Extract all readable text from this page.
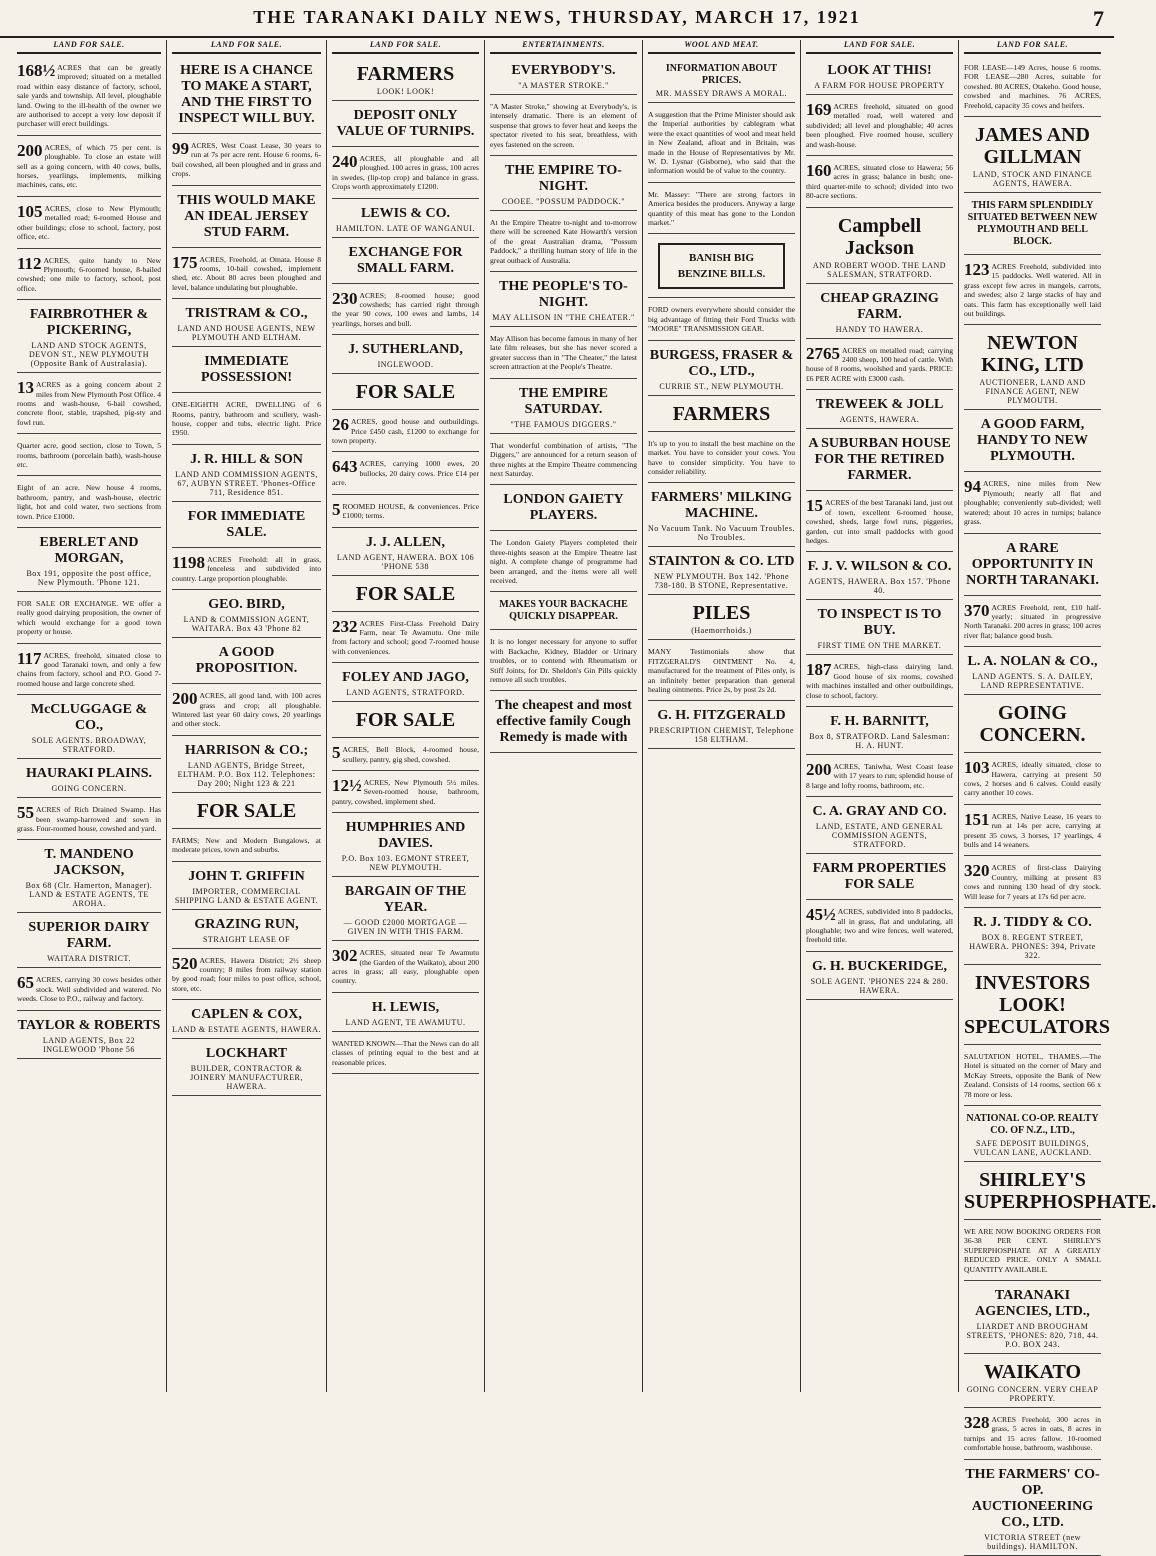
THE TARANAKI DAILY NEWS, THURSDAY, MARCH 17, 1921	7
LAND FOR SALE.
168½ ACRES that can be greatly improved; situated on a metalled road within easy distance of factory, school, sale yards and township. All level, ploughable land. Owing to the ill-health of the owner we are authorised to accept a very low deposit if purchaser will erect buildings.
200 ACRES, of which 75 per cent. is ploughable. To close an estate will sell as a going concern, with 40 cows, bulls, horses, yearlings, implements, milking machines, cans, etc.
105 ACRES, close to New Plymouth; metalled road; 6-roomed House and other buildings; close to school, factory, post office, etc.
112 ACRES, quite handy to New Plymouth; 6-roomed house, 8-bailed cowshed; one mile to factory, school, post office.
FAIRBROTHER & PICKERING,
LAND AND STOCK AGENTS, DEVON ST., NEW PLYMOUTH (Opposite Bank of Australasia).
13 ACRES as a going concern about 2 miles from New Plymouth Post Office. 4 rooms and wash-house, 6-bail cowshed, concrete floor, stable, trapshed, pig-sty and fowl run.
Quarter acre, good section, close to Town, 5 rooms, bathroom (porcelain bath), wash-house etc.
Eight of an acre. New house 4 rooms, bathroom, pantry, and wash-house, electric light, hot and cold water, two sections from town. Price £1000.
EBERLET AND MORGAN,
Box 191, opposite the post office, New Plymouth. 'Phone 121.
FOR SALE OR EXCHANGE. WE offer a really good dairying proposition, the owner of which would exchange for a good town property or house.
117 ACRES, freehold, situated close to good Taranaki town, and only a few chains from factory, school and P.O. Good 7-roomed house and large concrete shed.
McCLUGGAGE & CO.,
SOLE AGENTS. BROADWAY, STRATFORD.
HAURAKI PLAINS.
GOING CONCERN.
55 ACRES of Rich Drained Swamp. Has been swamp-harrowed and sown in grass. Four-roomed house, cowshed and yard.
T. MANDENO JACKSON,
Box 68 (Clr. Hamerton, Manager). LAND & ESTATE AGENTS, TE AROHA.
SUPERIOR DAIRY FARM.
WAITARA DISTRICT.
65 ACRES, carrying 30 cows besides other stock. Well subdivided and watered. No weeds. Close to P.O., railway and factory.
TAYLOR & ROBERTS
LAND AGENTS, Box 22 INGLEWOOD 'Phone 56
LAND FOR SALE.
HERE IS A CHANCE TO MAKE A START, AND THE FIRST TO INSPECT WILL BUY.
99 ACRES, West Coast Lease, 30 years to run at 7s per acre rent. House 6 rooms, 6-bail cowshed, all been ploughed and in grass and crops.
THIS WOULD MAKE AN IDEAL JERSEY STUD FARM.
175 ACRES, Freehold, at Omata. House 8 rooms, 10-bail cowshed, implement shed, etc. About 80 acres been ploughed and level, balance undulating but ploughable.
TRISTRAM & CO.,
LAND AND HOUSE AGENTS, NEW PLYMOUTH AND ELTHAM.
IMMEDIATE POSSESSION!
ONE-EIGHTH ACRE, DWELLING of 6 Rooms, pantry, bathroom and scullery, wash-house, copper and tubs, electric light. Price £950.
J. R. HILL & SON
LAND AND COMMISSION AGENTS, 67, AUBYN STREET. 'Phones-Office 711, Residence 851.
FOR IMMEDIATE SALE.
1198 ACRES Freehold: all in grass, fenceless and subdivided into country. Large proportion ploughable.
GEO. BIRD,
LAND & COMMISSION AGENT, WAITARA. Box 43 'Phone 82
A GOOD PROPOSITION.
200 ACRES, all good land, with 100 acres grass and crop; all ploughable. Wintered last year 60 dairy cows, 20 yearlings and other stock.
HARRISON & CO.;
LAND AGENTS, Bridge Street, ELTHAM. P.O. Box 112. Telephones: Day 200; Night 123 & 221
FOR SALE
FARMS; New and Modern Bungalows, at moderate prices, town and suburbs.
JOHN T. GRIFFIN
IMPORTER, COMMERCIAL SHIPPING LAND & ESTATE AGENT.
GRAZING RUN,
STRAIGHT LEASE OF
520 ACRES, Hawera District; 2½ sheep country; 8 miles from railway station by good road; four miles to post office, school, store, etc.
CAPLEN & COX,
LAND & ESTATE AGENTS, HAWERA.
LOCKHART
BUILDER, CONTRACTOR & JOINERY MANUFACTURER, HAWERA.
LAND FOR SALE.
FARMERS
LOOK! LOOK!
DEPOSIT ONLY VALUE OF TURNIPS.
240 ACRES, all ploughable and all ploughed. 100 acres in grass, 100 acres in swedes, (lip-top crop) and balance in grass. Crops worth approximately £1200.
LEWIS & CO.
HAMILTON. LATE OF WANGANUI.
EXCHANGE FOR SMALL FARM.
230 ACRES; 8-roomed house; good cowsheds; has carried right through the year 90 cows, 100 ewes and lambs, 14 yearlings, horses and bull.
J. SUTHERLAND,
INGLEWOOD.
FOR SALE
26 ACRES, good house and outbuildings. Price £450 cash, £1200 to exchange for town property.
643 ACRES, carrying 1000 ewes, 20 bullocks, 20 dairy cows. Price £14 per acre.
5 ROOMED HOUSE, & conveniences. Price £1000; terms.
J. J. ALLEN,
LAND AGENT, HAWERA. BOX 106 'PHONE 538
FOR SALE
232 ACRES First-Class Freehold Dairy Farm, near Te Awamutu. One mile from factory and school; good 7-roomed house with conveniences.
FOLEY AND JAGO,
LAND AGENTS, STRATFORD.
FOR SALE
5 ACRES, Bell Block, 4-roomed house, scullery, pantry, gig shed, cowshed.
12½ ACRES, New Plymouth 5½ miles. Seven-roomed house, bathroom, pantry, cowshed, implement shed.
HUMPHRIES AND DAVIES.
P.O. Box 103. EGMONT STREET, NEW PLYMOUTH.
BARGAIN OF THE YEAR.
— GOOD £2000 MORTGAGE — GIVEN IN WITH THIS FARM.
302 ACRES, situated near Te Awamutu (the Garden of the Waikato), about 200 acres in grass; all easy, ploughable open country.
H. LEWIS,
LAND AGENT, TE AWAMUTU.
WANTED KNOWN—That the News can do all classes of printing equal to the best and at reasonable prices.
ENTERTAINMENTS.
EVERYBODY'S.
"A MASTER STROKE."
"A Master Stroke," showing at Everybody's, is intensely dramatic. There is an element of suspense that grows to fever heat and keeps the spectator riveted to his seat, breathless, with eyes fastened on the screen.
THE EMPIRE TO-NIGHT.
COOEE. "POSSUM PADDOCK."
At the Empire Theatre to-night and to-morrow there will be screened Kate Howarth's version of the great Australian drama, "Possum Paddock," a thrilling human story of life in the great outback of Australia.
THE PEOPLE'S TO-NIGHT.
MAY ALLISON IN "THE CHEATER."
May Allison has become famous in many of her late film releases, but she has never scored a greater success than in "The Cheater," the latest screen attraction at the People's Theatre.
THE EMPIRE SATURDAY.
"THE FAMOUS DIGGERS."
That wonderful combination of artists, "The Diggers," are announced for a return season of three nights at the Empire Theatre commencing next Saturday.
LONDON GAIETY PLAYERS.
The London Gaiety Players completed their three-nights season at the Empire Theatre last night. A complete change of programme had been arranged, and the items were all well received.
MAKES YOUR BACKACHE QUICKLY DISAPPEAR.
It is no longer necessary for anyone to suffer with Backache, Kidney, Bladder or Urinary troubles, or to contend with Rheumatism or Stiff Joints, for Dr. Sheldon's Gin Pills quickly remove all such troubles.
The cheapest and most effective family Cough Remedy is made with
WOOL AND MEAT.
INFORMATION ABOUT PRICES.
MR. MASSEY DRAWS A MORAL.
A suggestion that the Prime Minister should ask the Imperial authorities by cablegram what were the exact quantities of wool and meat held in New Zealand, afloat and in Britain, was made in the House of Representatives by Mr. W. D. Lysnar (Gisborne), who said that the information would be of value to the country.
Mr. Massey: "There are strong factors in America besides the producers. Anyway a large quantity of this meat has gone to the London market."
BANISH BIG BENZINE BILLS.
FORD owners everywhere should consider the big advantage of fitting their Ford Trucks with "MOORE" TRANSMISSION GEAR.
BURGESS, FRASER & CO., LTD.,
CURRIE ST., NEW PLYMOUTH.
FARMERS
It's up to you to install the best machine on the market. You have to consider your cows. You have to consider simplicity. You have to consider reliability.
FARMERS' MILKING MACHINE.
No Vacuum Tank. No Vacuum Troubles. No Troubles.
STAINTON & CO. LTD
NEW PLYMOUTH. Box 142. 'Phone 738-180. B STONE, Representative.
PILES
(Haemorrhoids.)
MANY Testimonials show that FITZGERALD'S OINTMENT No. 4, manufactured for the treatment of Piles only, is an infinitely better preparation than general healing ointments. Price 2s, by post 2s 2d.
G. H. FITZGERALD
PRESCRIPTION CHEMIST, Telephone 158 ELTHAM.
LAND FOR SALE.
LOOK AT THIS!
A FARM FOR HOUSE PROPERTY
169 ACRES freehold, situated on good metalled road, well watered and subdivided; all level and ploughable; 40 acres been ploughed. Five roomed house, scullery and wash-house.
160 ACRES, situated close to Hawera; 56 acres in grass; balance in bush; one-third quarter-mile to school; divided into two 80-acre sections.
Campbell Jackson
AND ROBERT WOOD. THE LAND SALESMAN, STRATFORD.
CHEAP GRAZING FARM.
HANDY TO HAWERA.
2765 ACRES on metalled road; carrying 2400 sheep, 100 head of cattle. With house of 8 rooms, woolshed and yards. PRICE: £6 PER ACRE with £3000 cash.
TREWEEK & JOLL
AGENTS, HAWERA.
A SUBURBAN HOUSE FOR THE RETIRED FARMER.
15 ACRES of the best Taranaki land, just out of town, excellent 6-roomed house, cowshed, sheds, large fowl runs, piggeries, garden, cut into small paddocks with good hedges.
F. J. V. WILSON & CO.
AGENTS, HAWERA. Box 157. 'Phone 40.
TO INSPECT IS TO BUY.
FIRST TIME ON THE MARKET.
187 ACRES, high-class dairying land. Good house of six rooms, cowshed with machines installed and other outbuildings, close to school, factory.
F. H. BARNITT,
Box 8, STRATFORD. Land Salesman: H. A. HUNT.
200 ACRES, Taniwha, West Coast lease with 17 years to run; splendid house of 8 large and lofty rooms, bathroom, etc.
C. A. GRAY AND CO.
LAND, ESTATE, AND GENERAL COMMISSION AGENTS, STRATFORD.
FARM PROPERTIES FOR SALE
45½ ACRES, subdivided into 8 paddocks, all in grass, flat and undulating, all ploughable; two and wire fences, well watered, freehold title.
G. H. BUCKERIDGE,
SOLE AGENT. 'PHONES 224 & 280. HAWERA.
LAND FOR SALE.
FOR LEASE—149 Acres, house 6 rooms. FOR LEASE—280 Acres, suitable for cowshed. 80 ACRES, Otakeho. Good house, cowshed and machines. 76 ACRES, Freehold, capacity 35 cows and heifers.
JAMES AND GILLMAN
LAND, STOCK AND FINANCE AGENTS, HAWERA.
THIS FARM SPLENDIDLY SITUATED BETWEEN NEW PLYMOUTH AND BELL BLOCK.
123 ACRES Freehold, subdivided into 15 paddocks. Well watered. All in grass except few acres in mangels, carrots, and swedes; also 2 large stacks of hay and oats. This farm has exceptionally well laid out buildings.
NEWTON KING, LTD
AUCTIONEER, LAND AND FINANCE AGENT, NEW PLYMOUTH.
A GOOD FARM, HANDY TO NEW PLYMOUTH.
94 ACRES, nine miles from New Plymouth; nearly all flat and ploughable; conveniently sub-divided; well watered; about 10 acres in turnips; balance grass.
A RARE OPPORTUNITY IN NORTH TARANAKI.
370 ACRES Freehold, rent, £10 half-yearly; situated in progressive North Taranaki. 200 acres in grass; 100 acres river flat; balance good bush.
L. A. NOLAN & CO.,
LAND AGENTS. S. A. DAILEY, LAND REPRESENTATIVE.
GOING CONCERN.
103 ACRES, ideally situated, close to Hawera, carrying at present 50 cows, 2 horses and 6 calves. Could easily carry another 10 cows.
151 ACRES, Native Lease, 16 years to run at 14s per acre, carrying at present 35 cows, 3 horses, 17 yearlings, 4 bulls and 14 weaners.
320 ACRES of first-class Dairying Country, milking at present 83 cows and running 130 head of dry stock. Will lease for 7 years at 17s 6d per acre.
R. J. TIDDY & CO.
BOX 8. REGENT STREET, HAWERA. PHONES: 394, Private 322.
INVESTORS LOOK! SPECULATORS
SALUTATION HOTEL, THAMES.—The Hotel is situated on the corner of Mary and McKay Streets, opposite the Bank of New Zealand. Consists of 14 rooms, section 66 x 78 more or less.
NATIONAL CO-OP. REALTY CO. OF N.Z., LTD.,
SAFE DEPOSIT BUILDINGS, VULCAN LANE, AUCKLAND.
SHIRLEY'S SUPERPHOSPHATE.
WE ARE NOW BOOKING ORDERS FOR 36-38 PER CENT. SHIRLEY'S SUPERPHOSPHATE AT A GREATLY REDUCED PRICE. ONLY A SMALL QUANTITY AVAILABLE.
TARANAKI AGENCIES, LTD.,
LIARDET AND BROUGHAM STREETS, 'PHONES: 820, 718, 44. P.O. BOX 243.
WAIKATO
GOING CONCERN. VERY CHEAP PROPERTY.
328 ACRES Freehold, 300 acres in grass, 5 acres in oats, 8 acres in turnips and 15 acres fallow. 10-roomed comfortable house, bathroom, washhouse.
THE FARMERS' CO-OP. AUCTIONEERING CO., LTD.
VICTORIA STREET (new buildings). HAMILTON.
